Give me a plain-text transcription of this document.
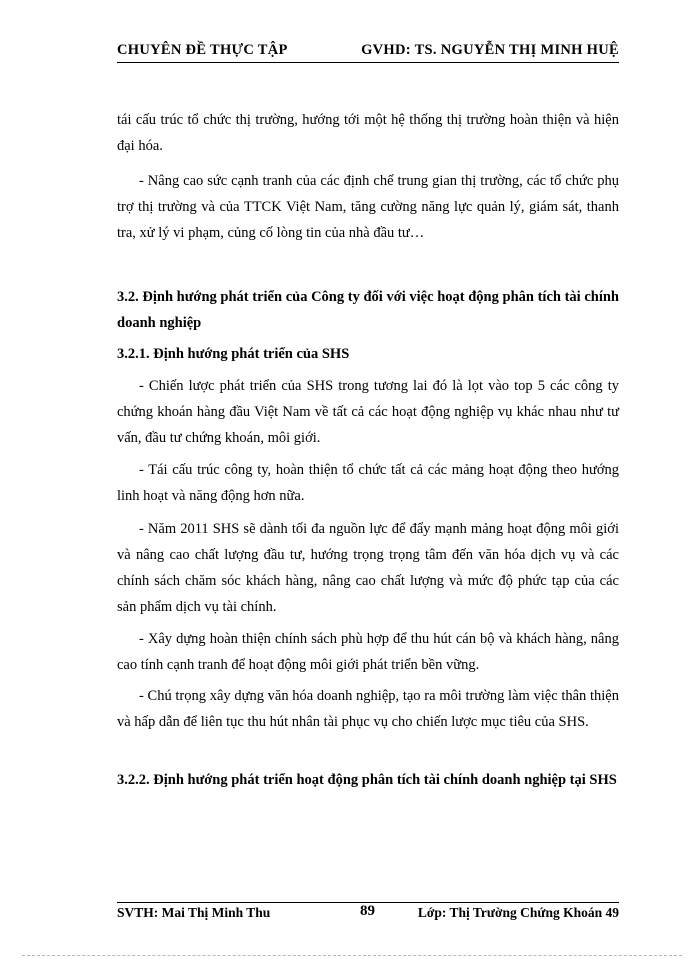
CHUYÊN ĐỀ THỰC TẬP	GVHD: TS. NGUYỄN THỊ MINH HUỆ

tái cấu trúc tổ chức thị trường, hướng tới một hệ thống thị trường hoàn thiện và hiện đại hóa.

- Nâng cao sức cạnh tranh của các định chế trung gian thị trường, các tổ chức phụ trợ thị trường và của TTCK Việt Nam, tăng cường năng lực quản lý, giám sát, thanh tra, xử lý vi phạm, củng cố lòng tin của nhà đầu tư…

3.2. Định hướng phát triển của Công ty đối với việc hoạt động phân tích tài chính doanh nghiệp
3.2.1. Định hướng phát triển của SHS

- Chiến lược phát triển của SHS trong tương lai đó là lọt vào top 5 các công ty chứng khoán hàng đầu Việt Nam về tất cả các hoạt động nghiệp vụ khác nhau như tư vấn, đầu tư chứng khoán, môi giới.

- Tái cấu trúc công ty, hoàn thiện tổ chức tất cả các mảng hoạt động theo hướng linh hoạt và năng động hơn nữa.

- Năm 2011 SHS sẽ dành tối đa nguồn lực để đẩy mạnh mảng hoạt động môi giới và nâng cao chất lượng đầu tư, hướng trọng trọng tâm đến văn hóa dịch vụ và các chính sách chăm sóc khách hàng, nâng cao chất lượng và mức độ phức tạp của các sản phẩm dịch vụ tài chính.

- Xây dựng hoàn thiện chính sách phù hợp để thu hút cán bộ và khách hàng, nâng cao tính cạnh tranh để hoạt động môi giới phát triển bền vững.

- Chú trọng xây dựng văn hóa doanh nghiệp, tạo ra môi trường làm việc thân thiện và hấp dẫn để liên tục thu hút nhân tài phục vụ cho chiến lược mục tiêu của SHS.

3.2.2. Định hướng phát triển hoạt động phân tích tài chính doanh nghiệp tại SHS
SVTH: Mai Thị Minh Thu	89	Lớp: Thị Trường Chứng Khoán 49
